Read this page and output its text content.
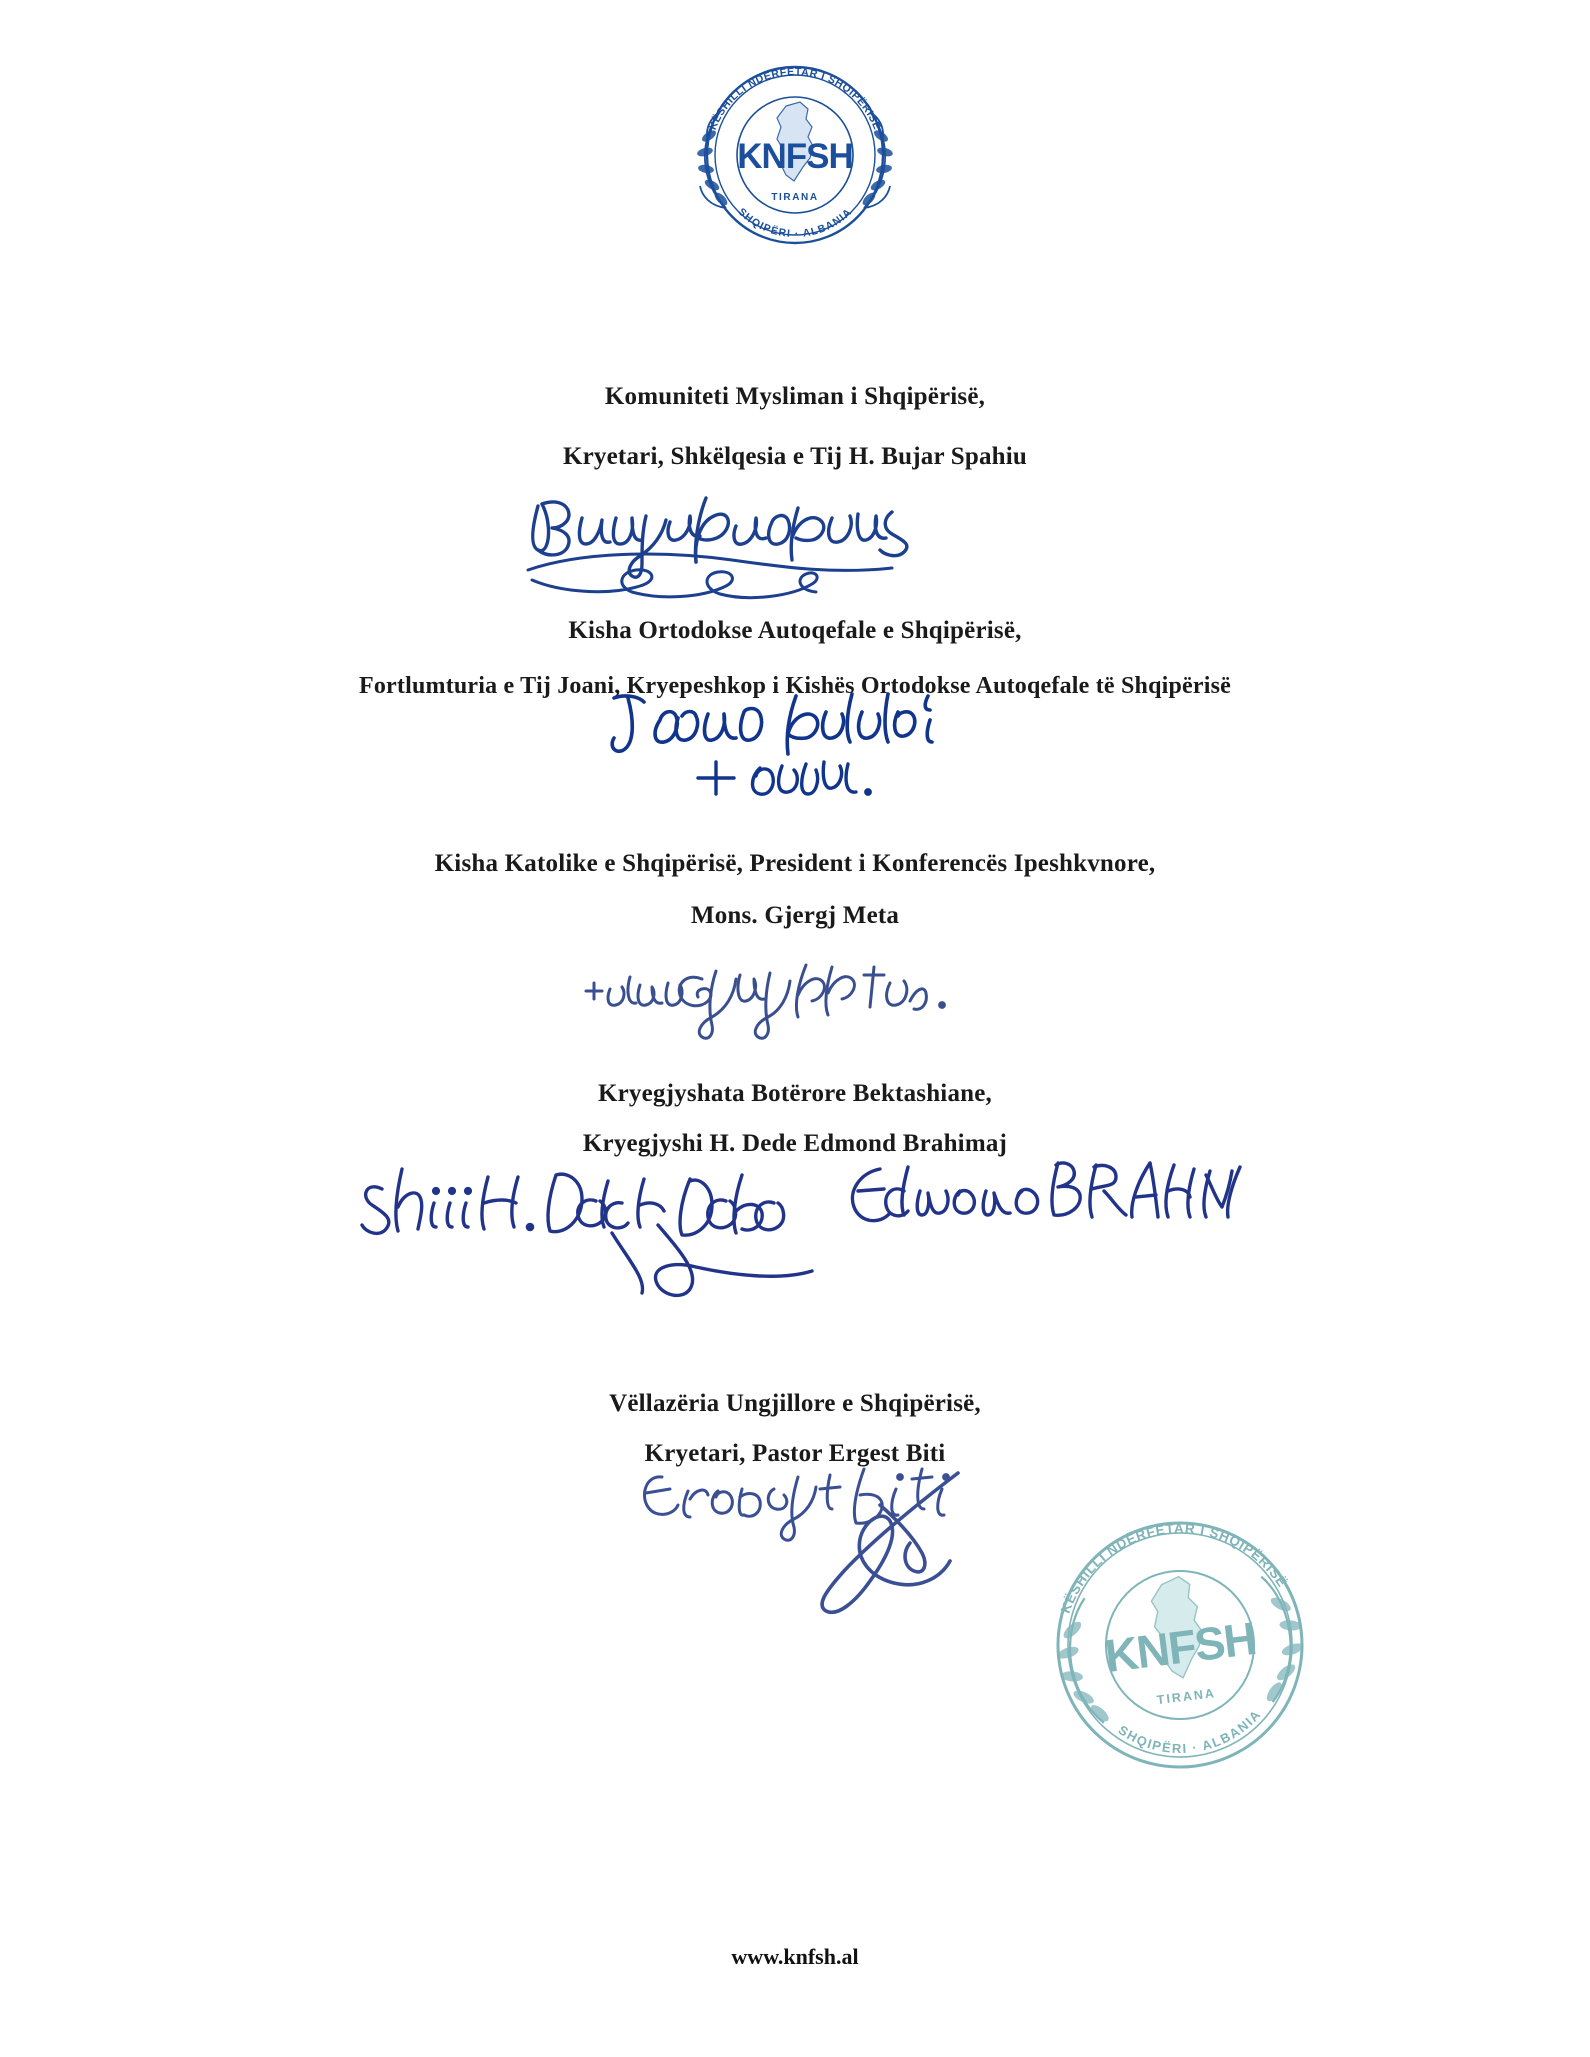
KËSHILLI NDËRFETAR I SHQIPËRISË
SHQIPËRI · ALBANIA
KNFSH
TIRANA
Komuniteti Mysliman i Shqipërisë,
Kryetari, Shkëlqesia e Tij H. Bujar Spahiu
Kisha Ortodokse Autoqefale e Shqipërisë,
Fortlumturia e Tij Joani, Kryepeshkop i Kishës Ortodokse Autoqefale të Shqipërisë
Kisha Katolike e Shqipërisë, President i Konferencës Ipeshkvnore,
Mons. Gjergj Meta
Kryegjyshata Botërore Bektashiane,
Kryegjyshi H. Dede Edmond Brahimaj
Vëllazëria Ungjillore e Shqipërisë,
Kryetari, Pastor Ergest Biti
KËSHILLI NDËRFETAR I SHQIPËRISË
SHQIPËRI · ALBANIA
KNFSH
TIRANA
www.knfsh.al
